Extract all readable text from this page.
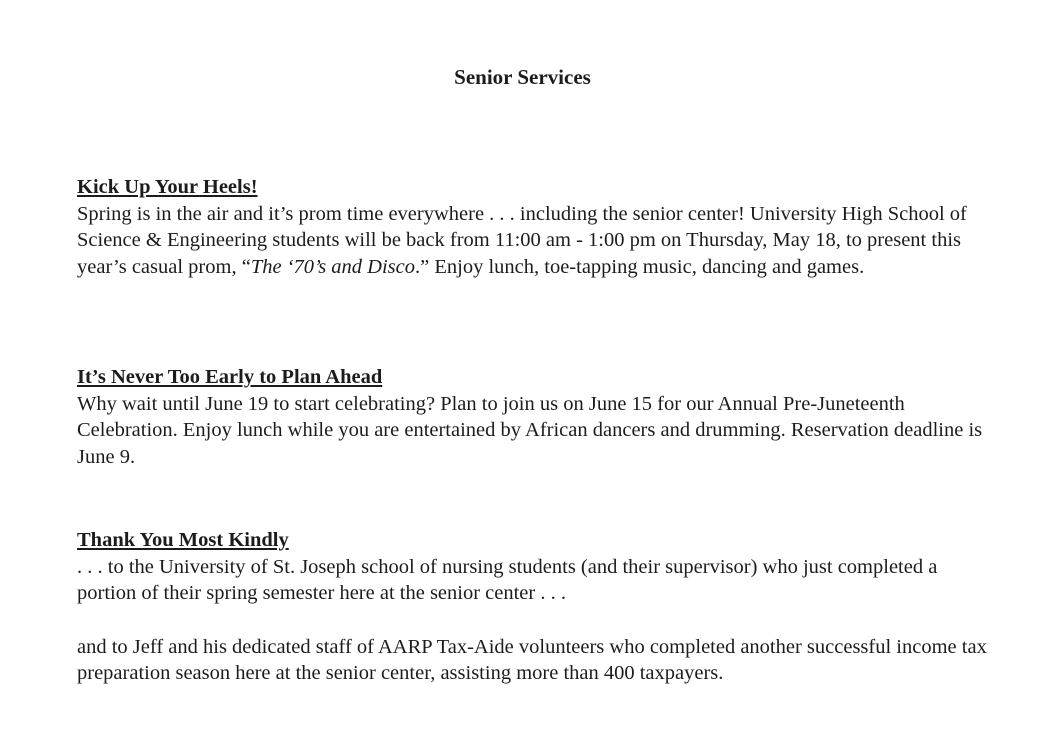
Senior Services
Kick Up Your Heels!

Spring is in the air and it’s prom time everywhere . . . including the senior center! University High School of Science & Engineering students will be back from 11:00 am - 1:00 pm on Thursday, May 18, to present this year’s casual prom, “The ‘70’s and Disco.” Enjoy lunch, toe-tapping music, dancing and games.

It’s Never Too Early to Plan Ahead

Why wait until June 19 to start celebrating? Plan to join us on June 15 for our Annual Pre-Juneteenth Celebration. Enjoy lunch while you are entertained by African dancers and drumming. Reservation deadline is June 9.

Thank You Most Kindly

. . . to the University of St. Joseph school of nursing students (and their supervisor) who just completed a portion of their spring semester here at the senior center . . .

and to Jeff and his dedicated staff of AARP Tax-Aide volunteers who completed another successful income tax preparation season here at the senior center, assisting more than 400 taxpayers.
